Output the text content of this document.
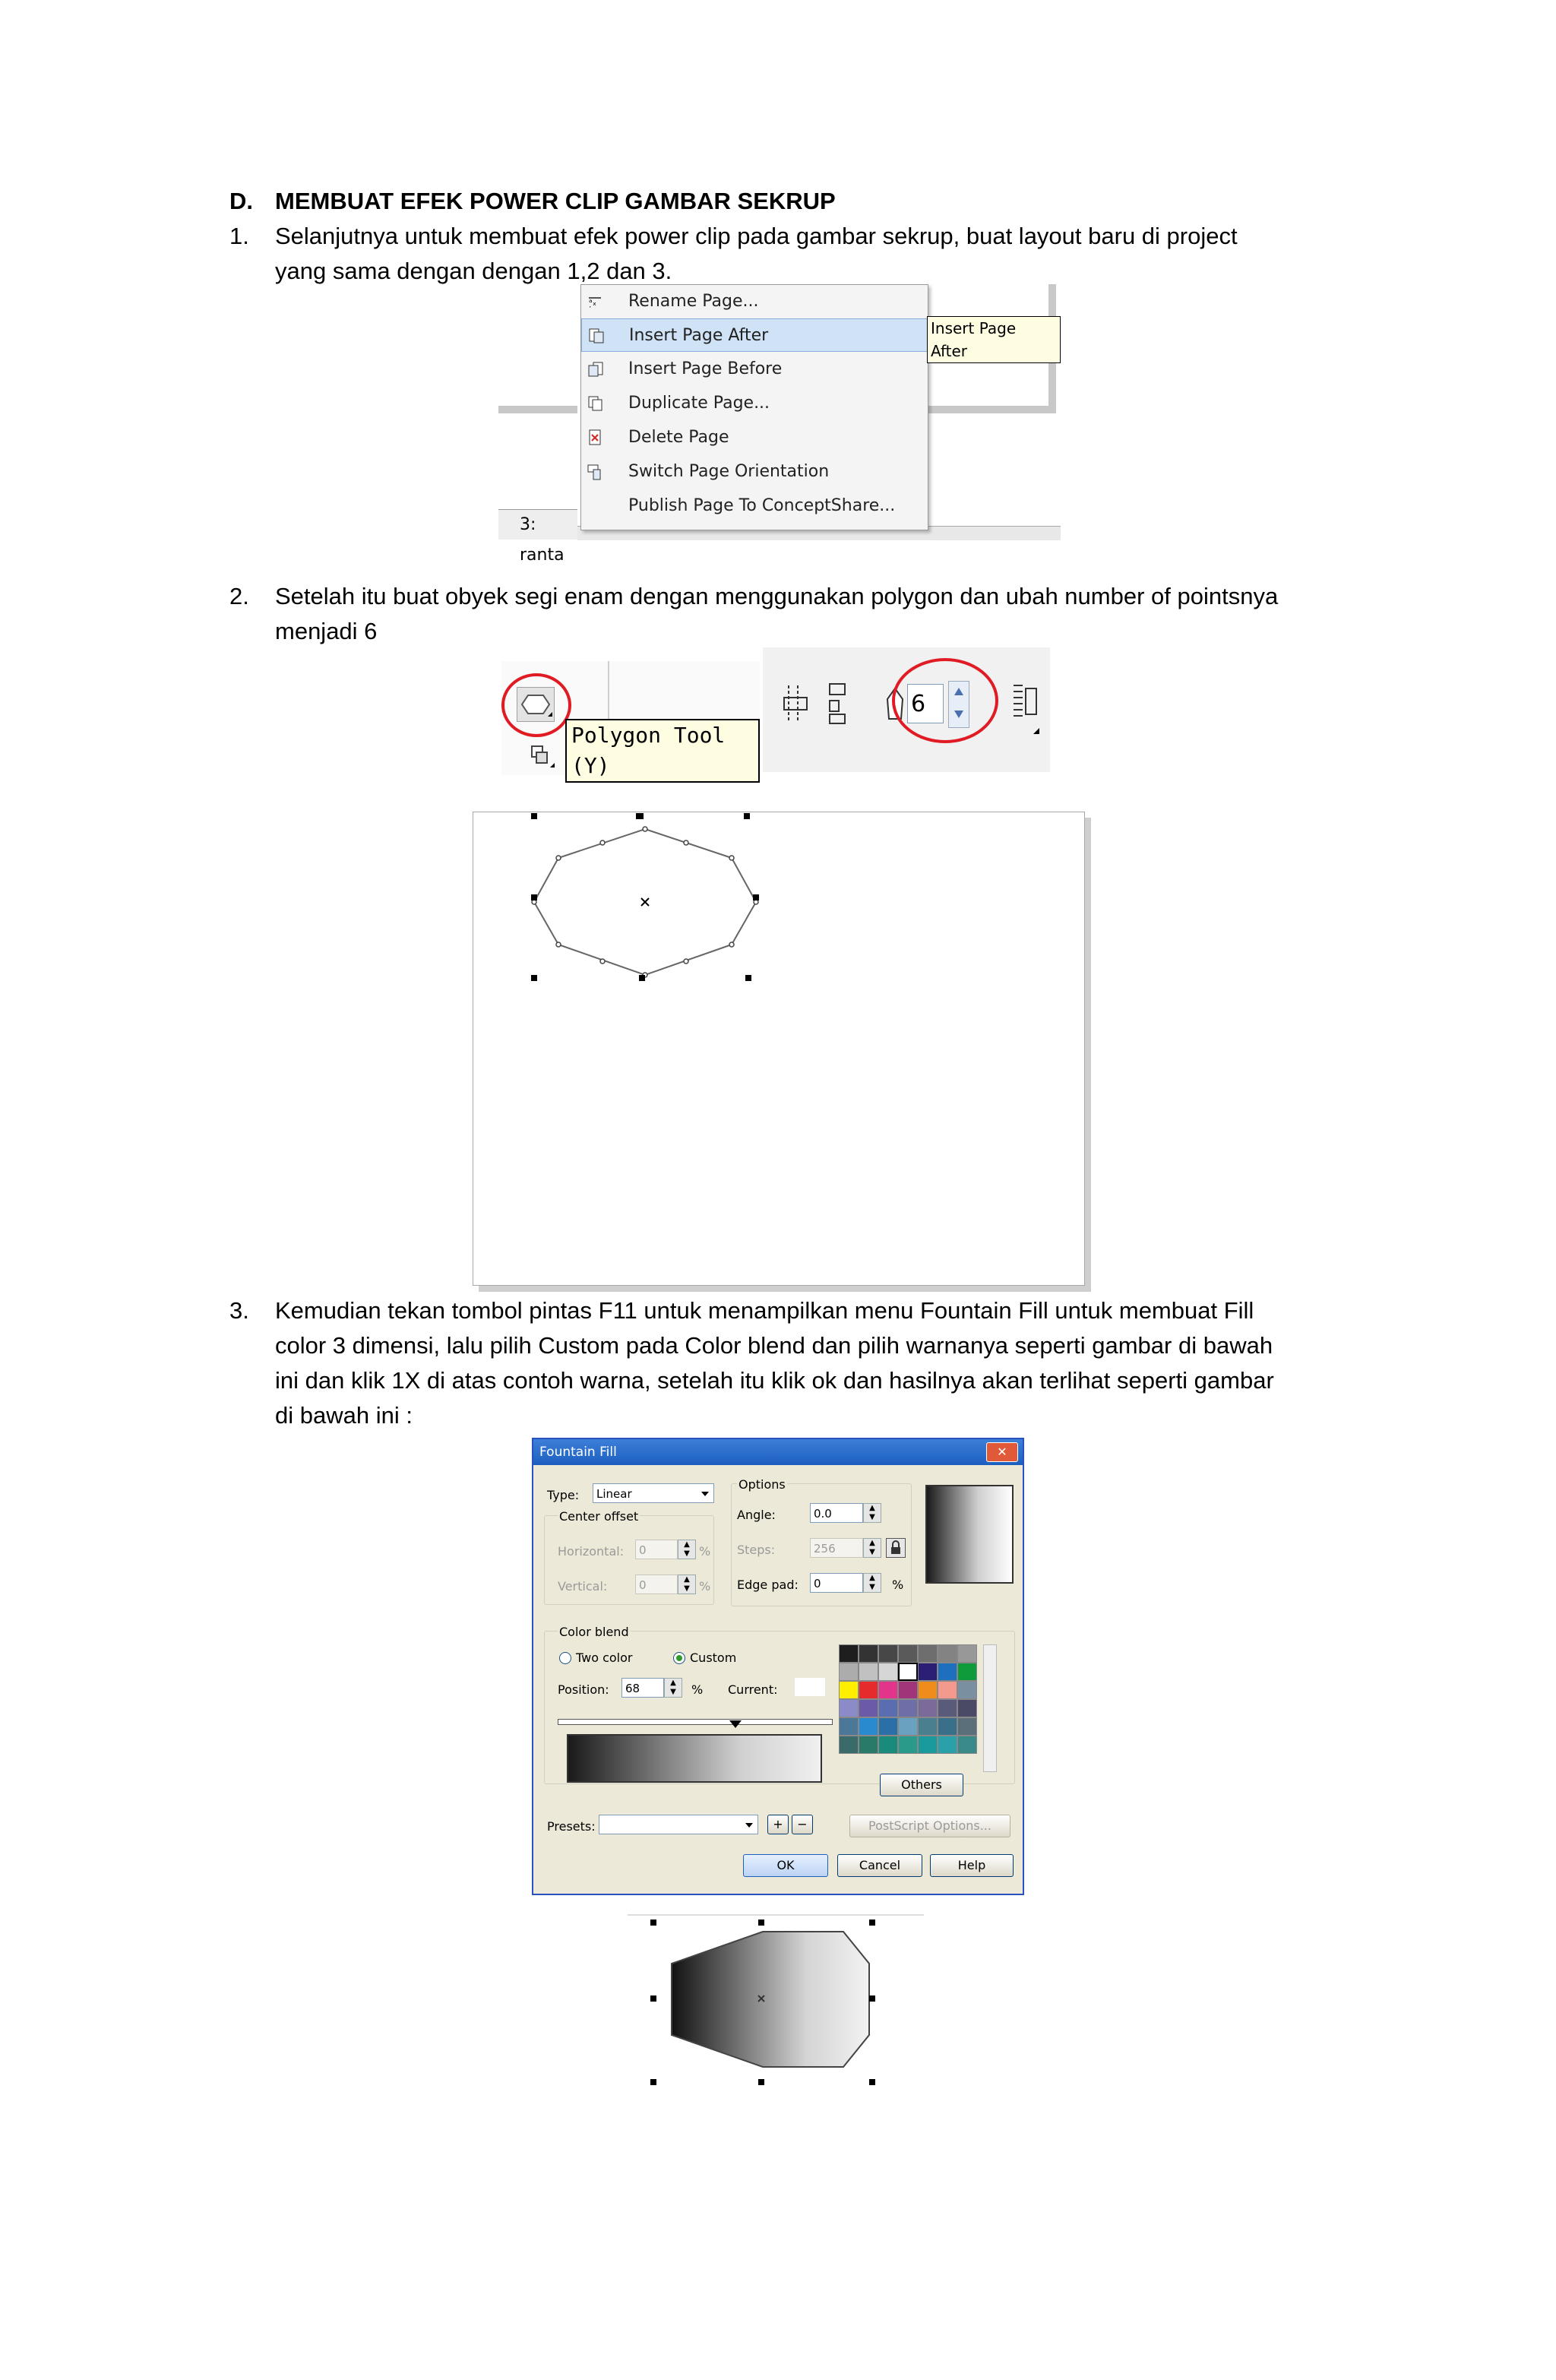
D. MEMBUAT EFEK POWER CLIP GAMBAR SEKRUP
1. Selanjutnya untuk membuat efek power clip pada gambar sekrup, buat layout baru di project
yang sama dengan dengan 1,2 dan 3.
3: ranta
ᵃ̣ₓ Rename Page...
Insert Page After
Insert Page Before
Duplicate Page...
Delete Page
Switch Page Orientation
Publish Page To ConceptShare...
Insert Page After
2. Setelah itu buat obyek segi enam dengan menggunakan polygon dan ubah number of pointsnya
menjadi 6
Polygon Tool (Y)
6
3. Kemudian tekan tombol pintas F11 untuk menampilkan menu Fountain Fill untuk membuat Fill
color 3 dimensi, lalu pilih Custom pada Color blend dan pilih warnanya seperti gambar di bawah
ini dan klik 1X di atas contoh warna, setelah itu klik ok dan hasilnya akan terlihat seperti gambar
di bawah ini :
Fountain Fill	✕
Type:	Linear
Center offset
Horizontal:	0	▲
▼ %
Vertical:	0	▲
▼ %
Options
Angle:	0.0	▲
▼
Steps:	256	▲
▼
Edge pad:	0	▲
▼	%
Color blend
Two color	Custom
Position:	68	▲
▼	% Current:
Others
Presets:	+	−	PostScript Options...
OK	Cancel	Help
